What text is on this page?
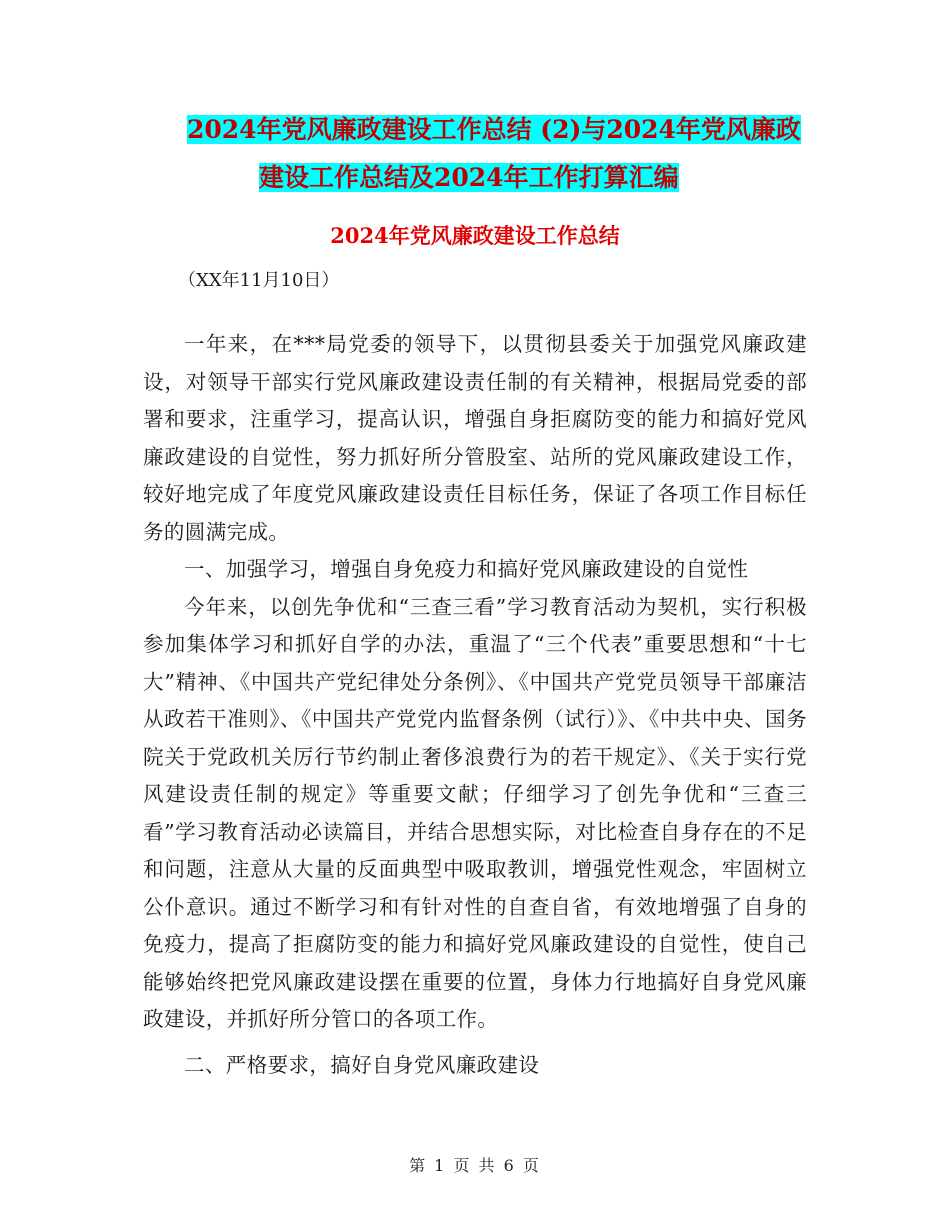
2024年党风廉政建设工作总结 (2)与2024年党风廉政
建设工作总结及2024年工作打算汇编
2024年党风廉政建设工作总结
（XX年11月10日）

一年来，在***局党委的领导下，以贯彻县委关于加强党风廉政建设，对领导干部实行党风廉政建设责任制的有关精神，根据局党委的部署和要求，注重学习，提高认识，增强自身拒腐防变的能力和搞好党风廉政建设的自觉性，努力抓好所分管股室、站所的党风廉政建设工作，较好地完成了年度党风廉政建设责任目标任务，保证了各项工作目标任务的圆满完成。

一、加强学习，增强自身免疫力和搞好党风廉政建设的自觉性

今年来，以创先争优和“三查三看”学习教育活动为契机，实行积极参加集体学习和抓好自学的办法，重温了“三个代表”重要思想和“十七大”精神、《中国共产党纪律处分条例》、《中国共产党党员领导干部廉洁从政若干准则》、《中国共产党党内监督条例（试行）》、《中共中央、国务院关于党政机关厉行节约制止奢侈浪费行为的若干规定》、《关于实行党风建设责任制的规定》等重要文献；仔细学习了创先争优和“三查三看”学习教育活动必读篇目，并结合思想实际，对比检查自身存在的不足和问题，注意从大量的反面典型中吸取教训，增强党性观念，牢固树立公仆意识。通过不断学习和有针对性的自查自省，有效地增强了自身的免疫力，提高了拒腐防变的能力和搞好党风廉政建设的自觉性，使自己能够始终把党风廉政建设摆在重要的位置，身体力行地搞好自身党风廉政建设，并抓好所分管口的各项工作。

二、严格要求，搞好自身党风廉政建设

第 1 页 共 6 页
